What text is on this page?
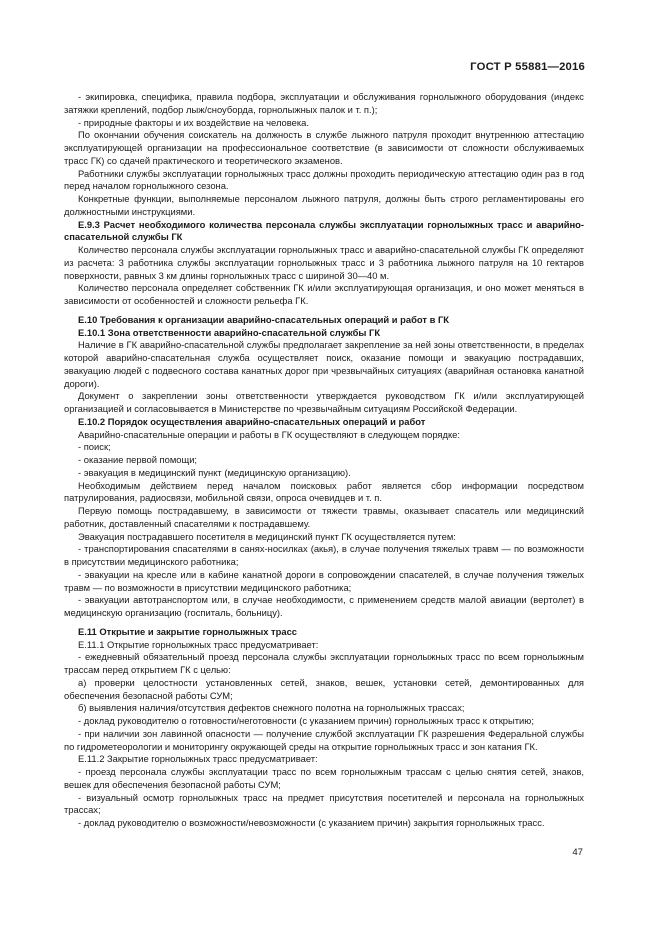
ГОСТ Р 55881—2016

- экипировка, специфика, правила подбора, эксплуатации и обслуживания горнолыжного оборудования (индекс затяжки креплений, подбор лыж/сноуборда, горнолыжных палок и т. п.);

- природные факторы и их воздействие на человека.

По окончании обучения соискатель на должность в службе лыжного патруля проходит внутреннюю аттестацию эксплуатирующей организации на профессиональное соответствие (в зависимости от сложности обслуживаемых трасс ГК) со сдачей практического и теоретического экзаменов.

Работники службы эксплуатации горнолыжных трасс должны проходить периодическую аттестацию один раз в год перед началом горнолыжного сезона.

Конкретные функции, выполняемые персоналом лыжного патруля, должны быть строго регламентированы его должностными инструкциями.

Е.9.3 Расчет необходимого количества персонала службы эксплуатации горнолыжных трасс и аварийно-спасательной службы ГК

Количество персонала службы эксплуатации горнолыжных трасс и аварийно-спасательной службы ГК определяют из расчета: 3 работника службы эксплуатации горнолыжных трасс и 3 работника лыжного патруля на 10 гектаров поверхности, равных 3 км длины горнолыжных трасс с шириной 30—40 м.

Количество персонала определяет собственник ГК и/или эксплуатирующая организация, и оно может меняться в зависимости от особенностей и сложности рельефа ГК.

Е.10 Требования к организации аварийно-спасательных операций и работ в ГК

Е.10.1 Зона ответственности аварийно-спасательной службы ГК

Наличие в ГК аварийно-спасательной службы предполагает закрепление за ней зоны ответственности, в пределах которой аварийно-спасательная служба осуществляет поиск, оказание помощи и эвакуацию пострадавших, эвакуацию людей с подвесного состава канатных дорог при чрезвычайных ситуациях (аварийная остановка канатной дороги).

Документ о закреплении зоны ответственности утверждается руководством ГК и/или эксплуатирующей организацией и согласовывается в Министерстве по чрезвычайным ситуациям Российской Федерации.

Е.10.2 Порядок осуществления аварийно-спасательных операций и работ

Аварийно-спасательные операции и работы в ГК осуществляют в следующем порядке:

- поиск;

- оказание первой помощи;

- эвакуация в медицинский пункт (медицинскую организацию).

Необходимым действием перед началом поисковых работ является сбор информации посредством патрулирования, радиосвязи, мобильной связи, опроса очевидцев и т. п.

Первую помощь пострадавшему, в зависимости от тяжести травмы, оказывает спасатель или медицинский работник, доставленный спасателями к пострадавшему.

Эвакуация пострадавшего посетителя в медицинский пункт ГК осуществляется путем:

- транспортирования спасателями в санях-носилках (акья), в случае получения тяжелых травм — по возможности в присутствии медицинского работника;

- эвакуации на кресле или в кабине канатной дороги в сопровождении спасателей, в случае получения тяжелых травм — по возможности в присутствии медицинского работника;

- эвакуации автотранспортом или, в случае необходимости, с применением средств малой авиации (вертолет) в медицинскую организацию (госпиталь, больницу).

Е.11 Открытие и закрытие горнолыжных трасс

Е.11.1 Открытие горнолыжных трасс предусматривает:

- ежедневный обязательный проезд персонала службы эксплуатации горнолыжных трасс по всем горнолыжным трассам перед открытием ГК с целью:

а) проверки целостности установленных сетей, знаков, вешек, установки сетей, демонтированных для обеспечения безопасной работы СУМ;

б) выявления наличия/отсутствия дефектов снежного полотна на горнолыжных трассах;

- доклад руководителю о готовности/неготовности (с указанием причин) горнолыжных трасс к открытию;

- при наличии зон лавинной опасности — получение службой эксплуатации ГК разрешения Федеральной службы по гидрометеорологии и мониторингу окружающей среды на открытие горнолыжных трасс и зон катания ГК.

Е.11.2 Закрытие горнолыжных трасс предусматривает:

- проезд персонала службы эксплуатации трасс по всем горнолыжным трассам с целью снятия сетей, знаков, вешек для обеспечения безопасной работы СУМ;

- визуальный осмотр горнолыжных трасс на предмет присутствия посетителей и персонала на горнолыжных трассах;

- доклад руководителю о возможности/невозможности (с указанием причин) закрытия горнолыжных трасс.

47
